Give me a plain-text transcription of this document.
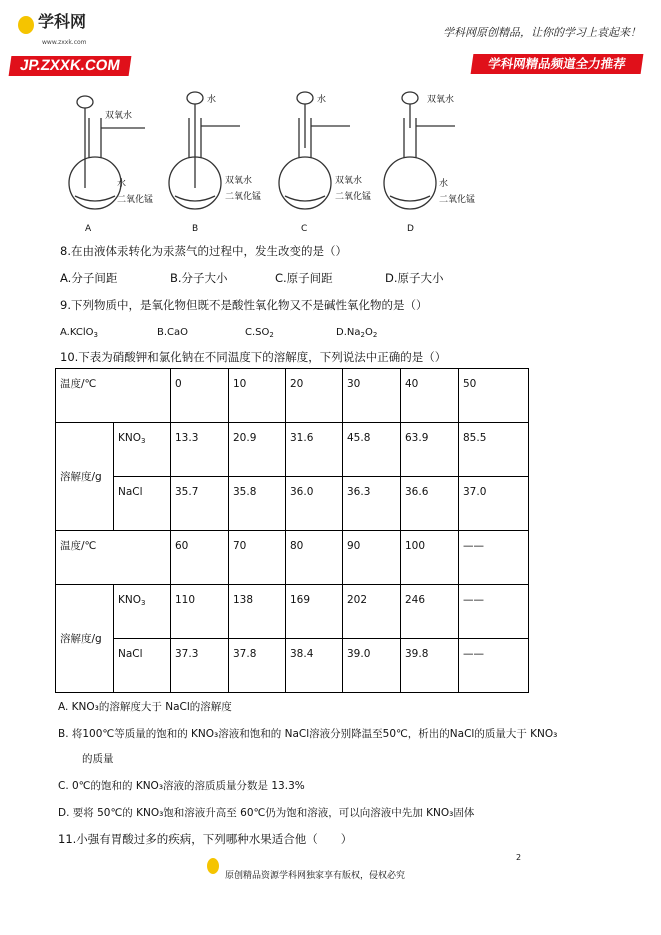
学科网
www.zxxk.com
JP.ZXXK.COM
学科网原创精品，让你的学习上袁起来！
学科网精品频道全力推荐
双氧水
水
二氧化锰
水
双氧水
二氧化锰
水
双氧水
二氧化锰
双氧水
水
二氧化锰
A	B	C	D
8.在由液体汞转化为汞蒸气的过程中，发生改变的是（）
A.分子间距	B.分子大小	C.原子间距	D.原子大小
9.下列物质中，是氧化物但既不是酸性氧化物又不是碱性氧化物的是（）
A.KClO$_3$	B.CaO	$C.SO_2$	$D.Na_2O_2$
10.下表为硝酸钾和氯化钠在不同温度下的溶解度，下列说法中正确的是（）
温度/℃		0	10	20	30	40	50
溶解度/g	$KNO_3$	13.3	20.9	31.6	45.8	63.9	85.5
	NaCl	35.7	35.8	36.0	36.3	36.6	37.0
温度/℃		60	70	80	90	100	——
溶解度/g	$KNO_3$	110	138	169	202	246	——
	NaCl	37.3	37.8	38.4	39.0	39.8	——
A. KNO₃的溶解度大于 NaCl的溶解度
B. 将100℃等质量的饱和的 KNO₃溶液和饱和的 NaCl溶液分别降温至50℃，析出的NaCl的质量大于 KNO₃
的质量
C. 0℃的饱和的 KNO₃溶液的溶质质量分数是 13.3%
D. 要将 50℃的 KNO₃饱和溶液升高至 60℃仍为饱和溶液，可以向溶液中先加 KNO₃固体
11.小强有胃酸过多的疾病，下列哪种水果适合他（　　）
2
原创精品资源学科网独家享有版权，侵权必究
